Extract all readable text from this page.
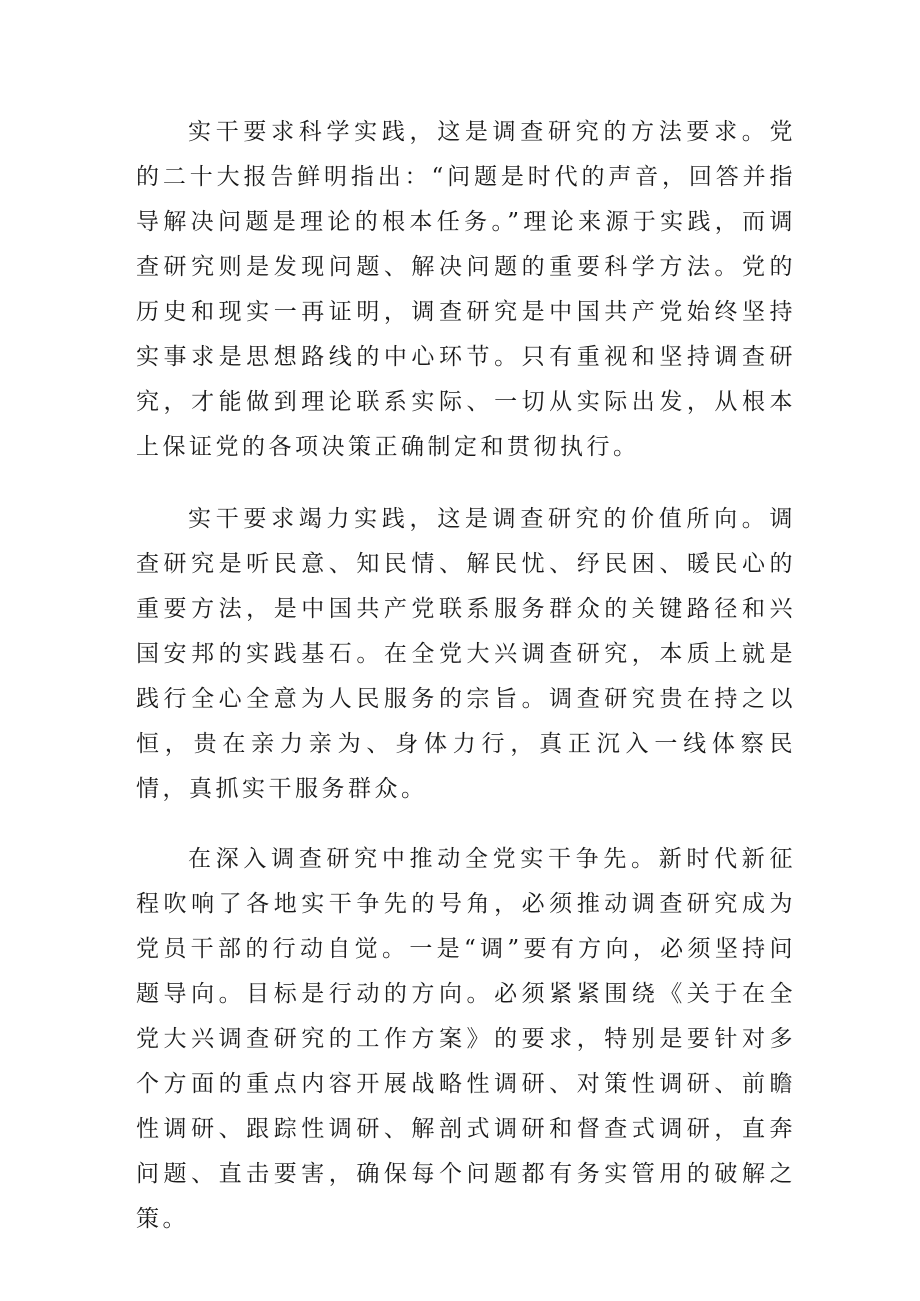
实干要求科学实践，这是调查研究的方法要求。党的二十大报告鲜明指出：“问题是时代的声音，回答并指导解决问题是理论的根本任务。”理论来源于实践，而调查研究则是发现问题、解决问题的重要科学方法。党的历史和现实一再证明，调查研究是中国共产党始终坚持实事求是思想路线的中心环节。只有重视和坚持调查研究，才能做到理论联系实际、一切从实际出发，从根本上保证党的各项决策正确制定和贯彻执行。

实干要求竭力实践，这是调查研究的价值所向。调查研究是听民意、知民情、解民忧、纾民困、暖民心的重要方法，是中国共产党联系服务群众的关键路径和兴国安邦的实践基石。在全党大兴调查研究，本质上就是践行全心全意为人民服务的宗旨。调查研究贵在持之以恒，贵在亲力亲为、身体力行，真正沉入一线体察民情，真抓实干服务群众。

在深入调查研究中推动全党实干争先。新时代新征程吹响了各地实干争先的号角，必须推动调查研究成为党员干部的行动自觉。一是“调”要有方向，必须坚持问题导向。目标是行动的方向。必须紧紧围绕《关于在全党大兴调查研究的工作方案》的要求，特别是要针对多个方面的重点内容开展战略性调研、对策性调研、前瞻性调研、跟踪性调研、解剖式调研和督查式调研，直奔问题、直击要害，确保每个问题都有务实管用的破解之策。
